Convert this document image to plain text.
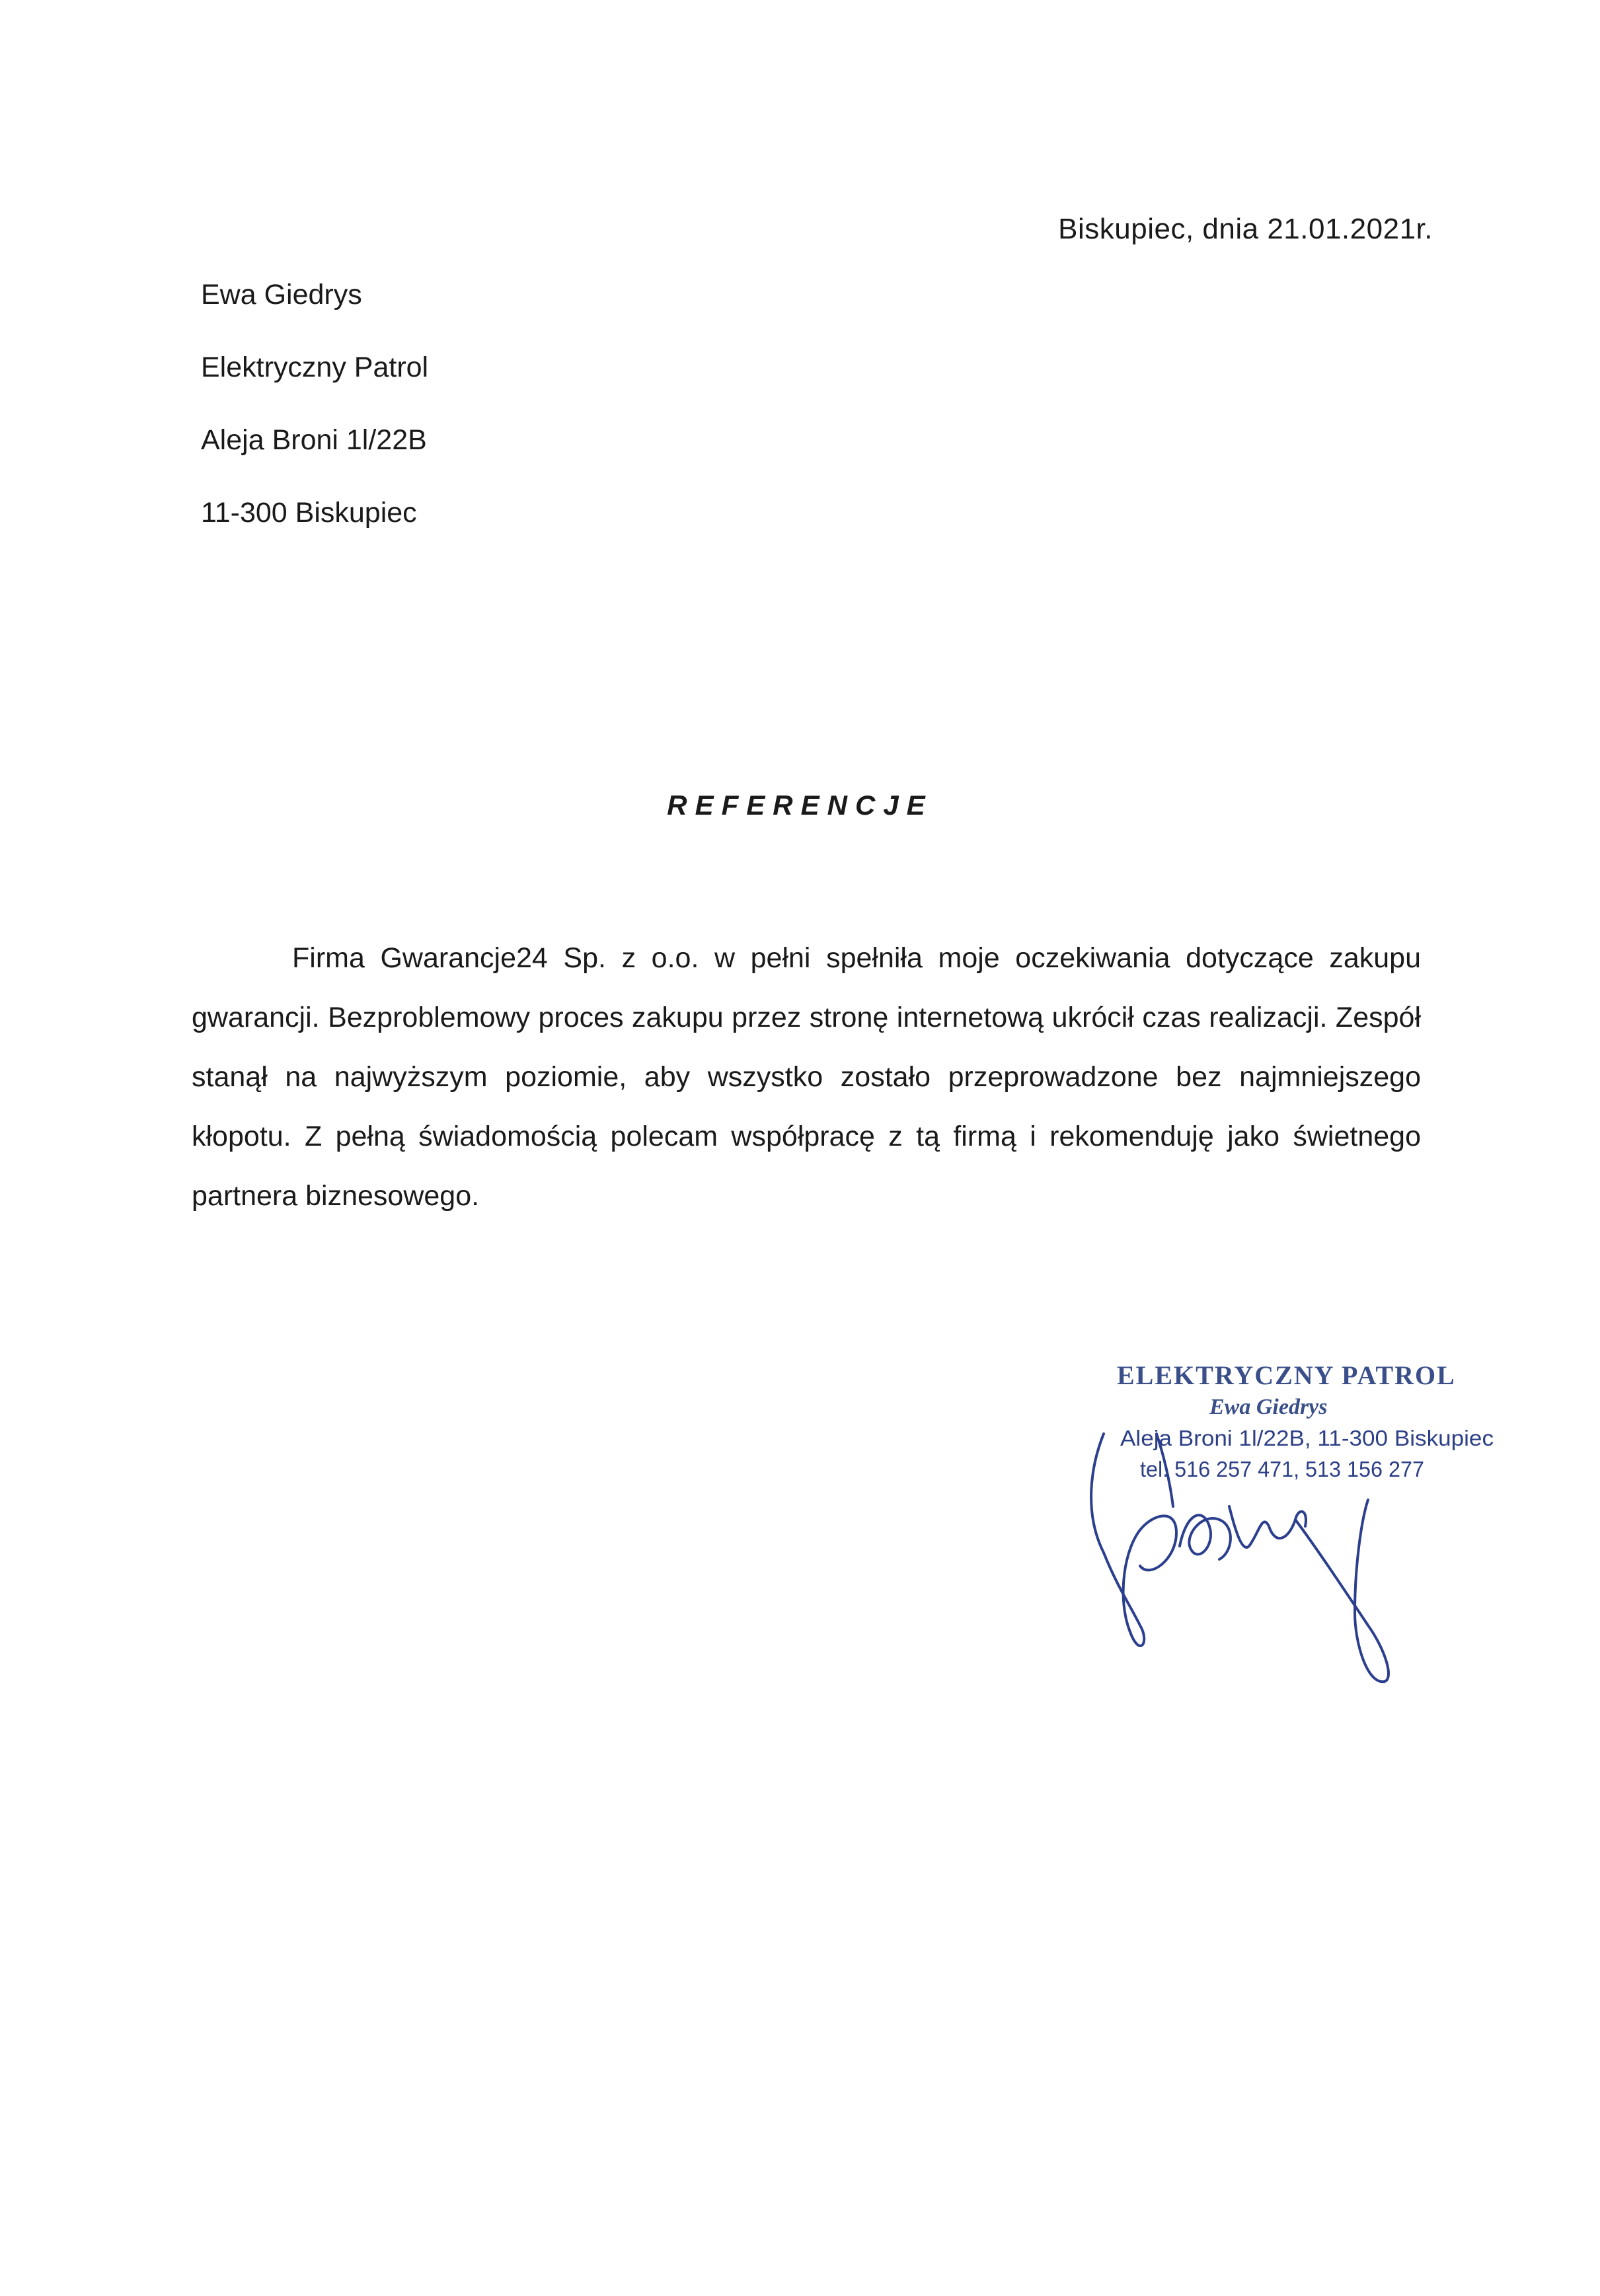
Biskupiec, dnia 21.01.2021r.
Ewa Giedrys
Elektryczny Patrol
Aleja Broni 1l/22B
11-300 Biskupiec
REFERENCJE
Firma Gwarancje24 Sp. z o.o. w pełni spełniła moje oczekiwania dotyczące zakupu gwarancji. Bezproblemowy proces zakupu przez stronę internetową ukrócił czas realizacji. Zespół stanął na najwyższym poziomie, aby wszystko zostało przeprowadzone bez najmniejszego kłopotu. Z pełną świadomością polecam współpracę z tą firmą i rekomenduję jako świetnego partnera biznesowego.
ELEKTRYCZNY PATROL
Ewa Giedrys
Aleja Broni 1l/22B, 11-300 Biskupiec
tel. 516 257 471, 513 156 277
